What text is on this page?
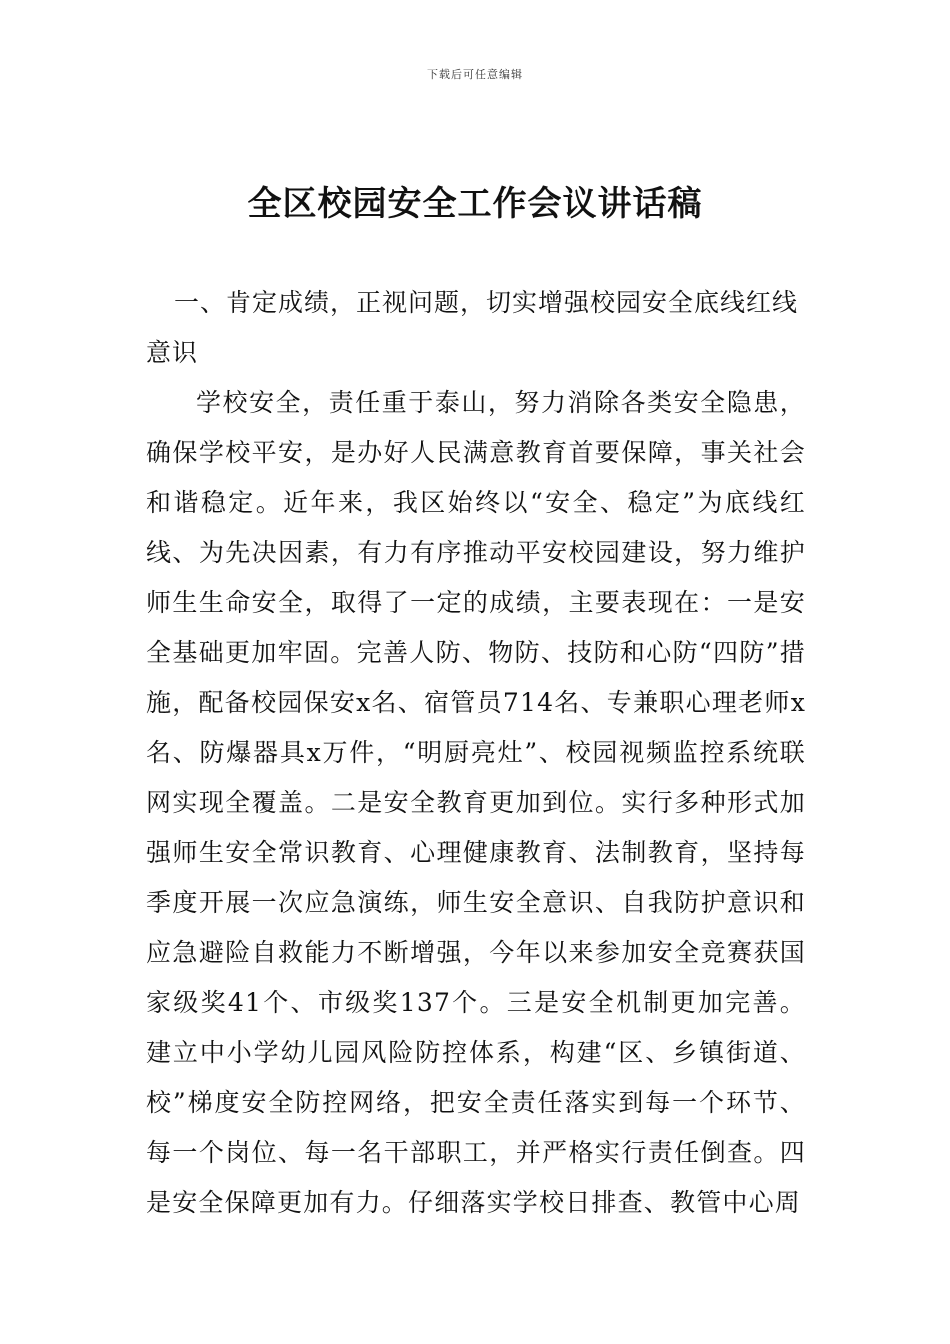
下载后可任意编辑
全区校园安全工作会议讲话稿

一、肯定成绩，正视问题，切实增强校园安全底线红线意识

学校安全，责任重于泰山，努力消除各类安全隐患，确保学校平安，是办好人民满意教育首要保障，事关社会和谐稳定。近年来，我区始终以“安全、稳定”为底线红线、为先决因素，有力有序推动平安校园建设，努力维护师生生命安全，取得了一定的成绩，主要表现在：一是安全基础更加牢固。完善人防、物防、技防和心防“四防”措施，配备校园保安x名、宿管员714名、专兼职心理老师x名、防爆器具x万件，“明厨亮灶”、校园视频监控系统联网实现全覆盖。二是安全教育更加到位。实行多种形式加强师生安全常识教育、心理健康教育、法制教育，坚持每季度开展一次应急演练，师生安全意识、自我防护意识和应急避险自救能力不断增强，今年以来参加安全竞赛获国家级奖41个、市级奖137个。三是安全机制更加完善。建立中小学幼儿园风险防控体系，构建“区、乡镇街道、校”梯度安全防控网络，把安全责任落实到每一个环节、每一个岗位、每一名干部职工，并严格实行责任倒查。四是安全保障更加有力。仔细落实学校日排查、教管中心周
